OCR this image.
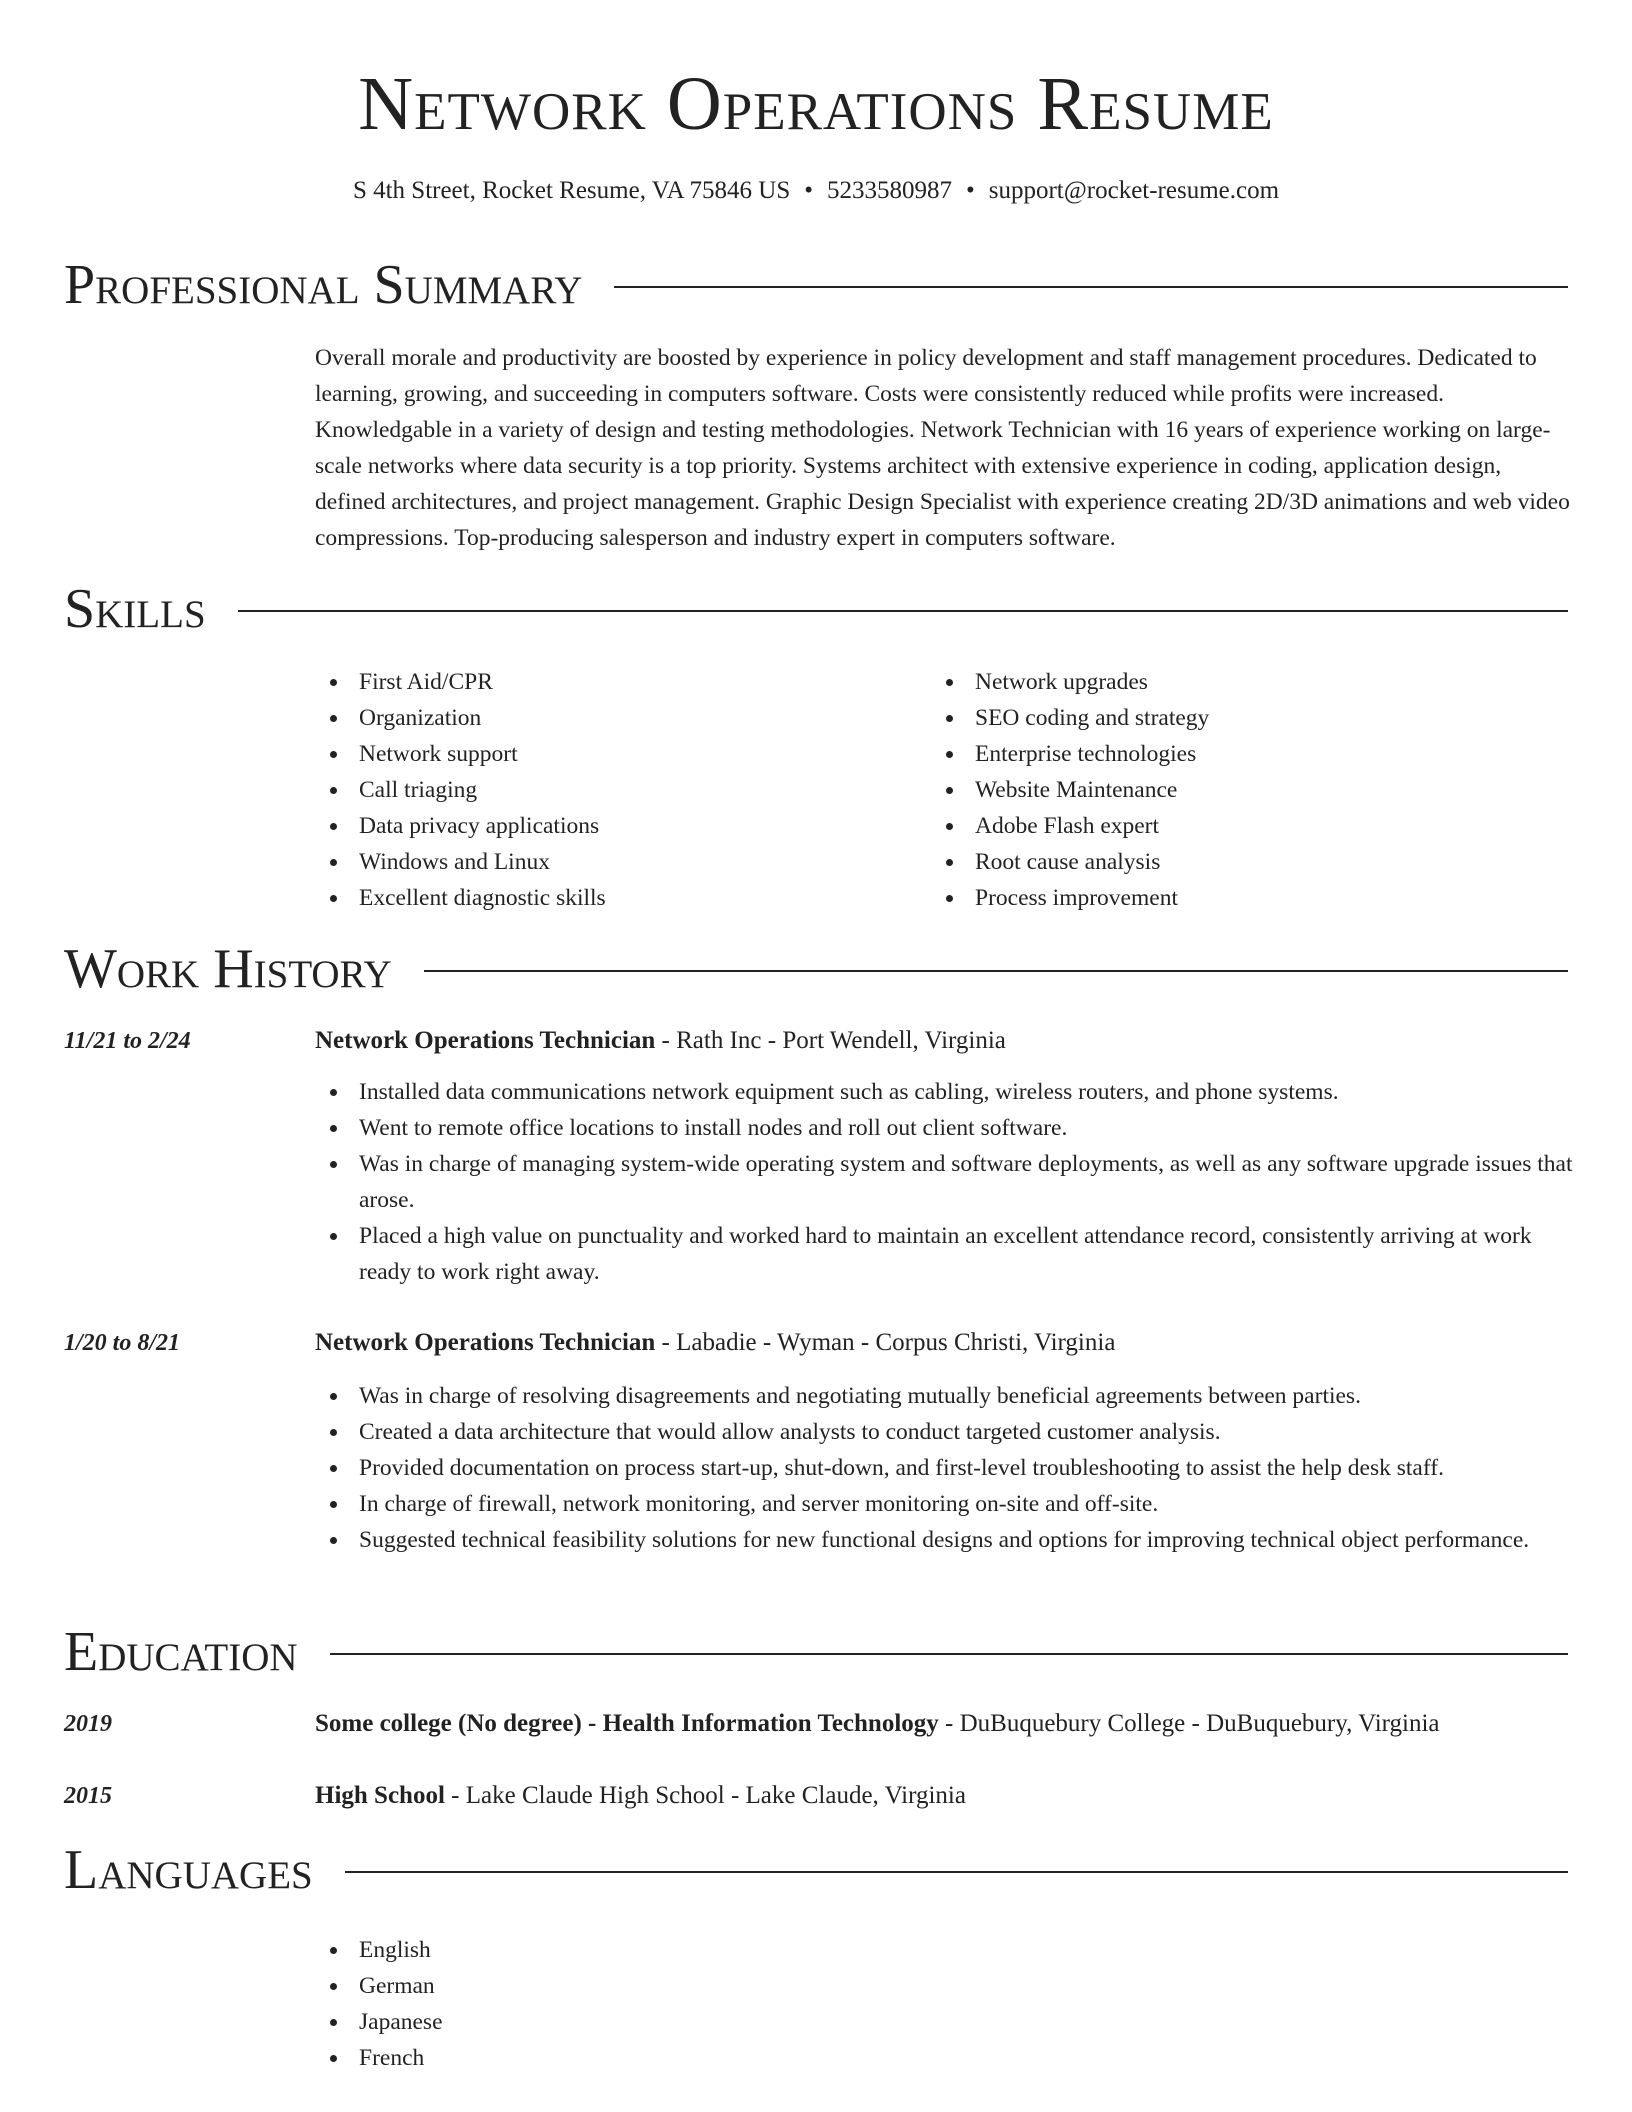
Network Operations Resume
S 4th Street, Rocket Resume, VA 75846 US • 5233580987 • support@rocket-resume.com
Professional Summary

Overall morale and productivity are boosted by experience in policy development and staff management procedures. Dedicated to learning, growing, and succeeding in computers software. Costs were consistently reduced while profits were increased. Knowledgable in a variety of design and testing methodologies. Network Technician with 16 years of experience working on large-scale networks where data security is a top priority. Systems architect with extensive experience in coding, application design, defined architectures, and project management. Graphic Design Specialist with experience creating 2D/3D animations and web video compressions. Top-producing salesperson and industry expert in computers software.

Skills
First Aid/CPR
Organization
Network support
Call triaging
Data privacy applications
Windows and Linux
Excellent diagnostic skills
Network upgrades
SEO coding and strategy
Enterprise technologies
Website Maintenance
Adobe Flash expert
Root cause analysis
Process improvement
Work History
11/21 to 2/24	Network Operations Technician - Rath Inc - Port Wendell, Virginia
Installed data communications network equipment such as cabling, wireless routers, and phone systems.
Went to remote office locations to install nodes and roll out client software.
Was in charge of managing system-wide operating system and software deployments, as well as any software upgrade issues that arose.
Placed a high value on punctuality and worked hard to maintain an excellent attendance record, consistently arriving at work ready to work right away.
1/20 to 8/21	Network Operations Technician - Labadie - Wyman - Corpus Christi, Virginia
Was in charge of resolving disagreements and negotiating mutually beneficial agreements between parties.
Created a data architecture that would allow analysts to conduct targeted customer analysis.
Provided documentation on process start-up, shut-down, and first-level troubleshooting to assist the help desk staff.
In charge of firewall, network monitoring, and server monitoring on-site and off-site.
Suggested technical feasibility solutions for new functional designs and options for improving technical object performance.
Education
2019	Some college (No degree) - Health Information Technology - DuBuquebury College - DuBuquebury, Virginia
2015	High School - Lake Claude High School - Lake Claude, Virginia
Languages
English
German
Japanese
French
